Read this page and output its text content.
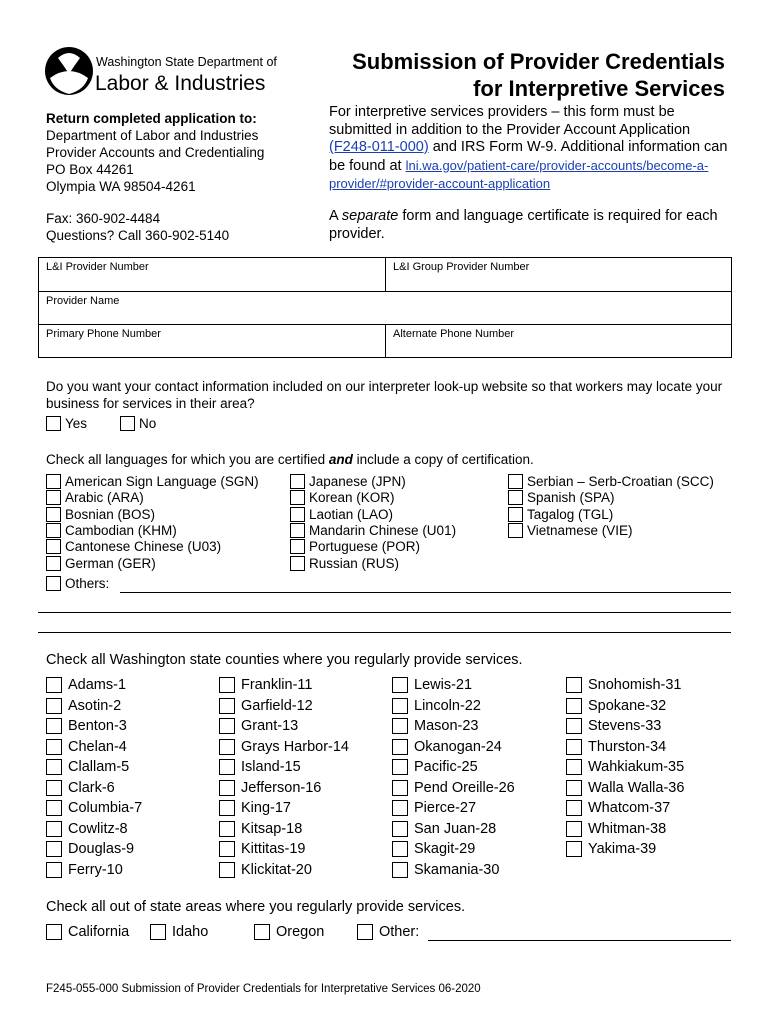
Washington State Department of
Labor & Industries
Submission of Provider Credentials
for Interpretive Services
Return completed application to:
Department of Labor and Industries
Provider Accounts and Credentialing
PO Box 44261
Olympia WA 98504-4261
Fax: 360-902-4484
Questions? Call 360-902-5140
For interpretive services providers – this form must be submitted in addition to the Provider Account Application (F248-011-000) and IRS Form W-9. Additional information can be found at lni.wa.gov/patient-care/provider-accounts/become-a-provider/#provider-account-application
A separate form and language certificate is required for each provider.
L&I Provider Number	L&I Group Provider Number
Provider Name
Primary Phone Number	Alternate Phone Number
Do you want your contact information included on our interpreter look-up website so that workers may locate your business for services in their area?
Yes	No
Check all languages for which you are certified and include a copy of certification.
American Sign Language (SGN)
Arabic (ARA)
Bosnian (BOS)
Cambodian (KHM)
Cantonese Chinese (U03)
German (GER)
Japanese (JPN)
Korean (KOR)
Laotian (LAO)
Mandarin Chinese (U01)
Portuguese (POR)
Russian (RUS)
Serbian – Serb-Croatian (SCC)
Spanish (SPA)
Tagalog (TGL)
Vietnamese (VIE)
Others:
Check all Washington state counties where you regularly provide services.
Adams-1
Asotin-2
Benton-3
Chelan-4
Clallam-5
Clark-6
Columbia-7
Cowlitz-8
Douglas-9
Ferry-10
Franklin-11
Garfield-12
Grant-13
Grays Harbor-14
Island-15
Jefferson-16
King-17
Kitsap-18
Kittitas-19
Klickitat-20
Lewis-21
Lincoln-22
Mason-23
Okanogan-24
Pacific-25
Pend Oreille-26
Pierce-27
San Juan-28
Skagit-29
Skamania-30
Snohomish-31
Spokane-32
Stevens-33
Thurston-34
Wahkiakum-35
Walla Walla-36
Whatcom-37
Whitman-38
Yakima-39
Check all out of state areas where you regularly provide services.
California	Idaho	Oregon	Other:
F245-055-000 Submission of Provider Credentials for Interpretative Services 06-2020
